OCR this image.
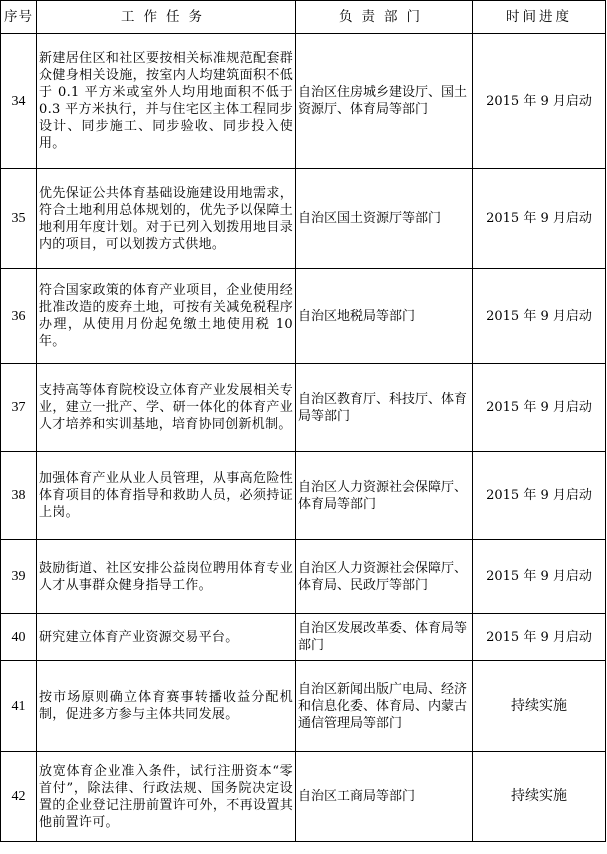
序号	工作任务	负责部门	时间进度
34	新建居住区和社区要按相关标准规范配套群众健身相关设施，按室内人均建筑面积不低于 0.1 平方米或室外人均用地面积不低于 0.3 平方米执行，并与住宅区主体工程同步设计、同步施工、同步验收、同步投入使用。	自治区住房城乡建设厅、国土资源厅、体育局等部门	2015 年 9 月启动
35	优先保证公共体育基础设施建设用地需求，符合土地利用总体规划的，优先予以保障土地利用年度计划。对于已列入划拨用地目录内的项目，可以划拨方式供地。	自治区国土资源厅等部门	2015 年 9 月启动
36	符合国家政策的体育产业项目，企业使用经批准改造的废弃土地，可按有关减免税程序办理，从使用月份起免缴土地使用税 10 年。	自治区地税局等部门	2015 年 9 月启动
37	支持高等体育院校设立体育产业发展相关专业，建立一批产、学、研一体化的体育产业人才培养和实训基地，培育协同创新机制。	自治区教育厅、科技厅、体育局等部门	2015 年 9 月启动
38	加强体育产业从业人员管理，从事高危险性体育项目的体育指导和救助人员，必须持证上岗。	自治区人力资源社会保障厅、体育局等部门	2015 年 9 月启动
39	鼓励街道、社区安排公益岗位聘用体育专业人才从事群众健身指导工作。	自治区人力资源社会保障厅、体育局、民政厅等部门	2015 年 9 月启动
40	研究建立体育产业资源交易平台。	自治区发展改革委、体育局等部门	2015 年 9 月启动
41	按市场原则确立体育赛事转播收益分配机制，促进多方参与主体共同发展。	自治区新闻出版广电局、经济和信息化委、体育局、内蒙古通信管理局等部门	持续实施
42	放宽体育企业准入条件，试行注册资本“零首付”，除法律、行政法规、国务院决定设置的企业登记注册前置许可外，不再设置其他前置许可。	自治区工商局等部门	持续实施
